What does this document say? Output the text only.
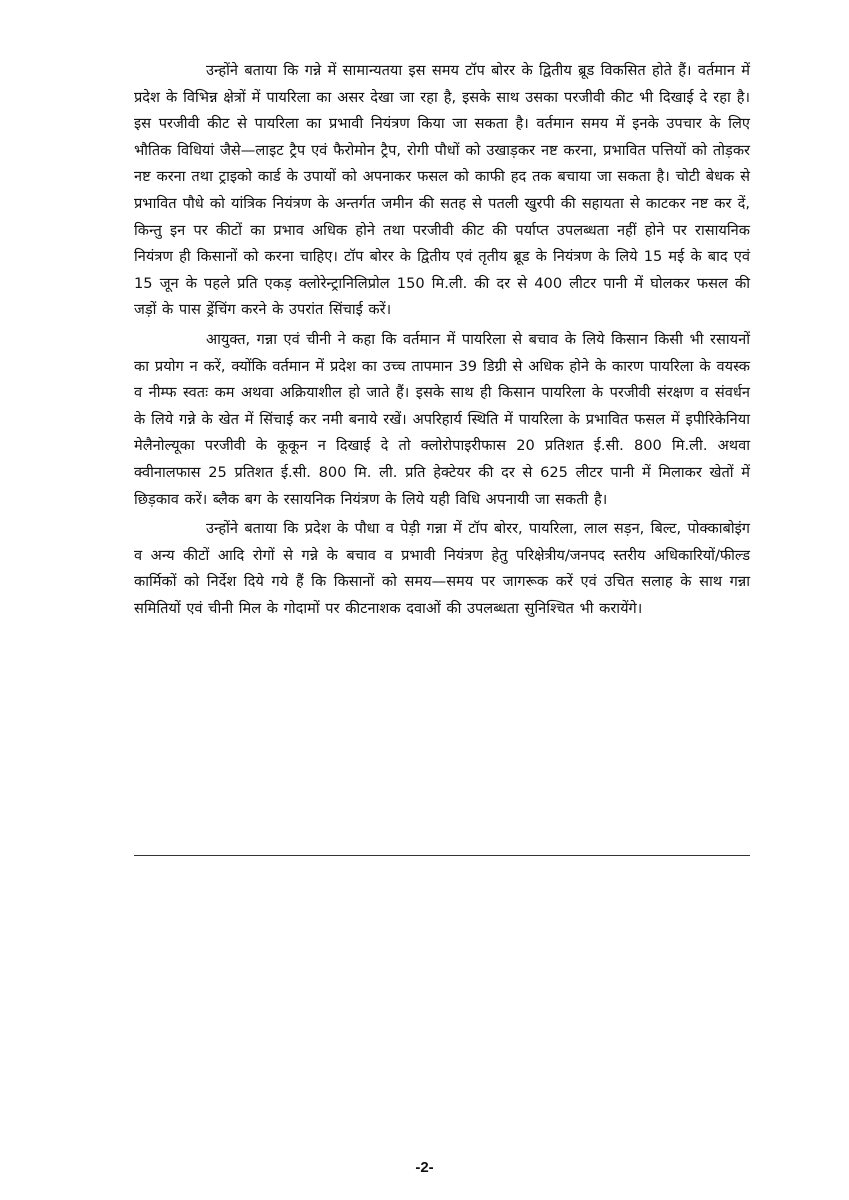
उन्होंने बताया कि गन्ने में सामान्यतया इस समय टॉप बोरर के द्वितीय ब्रूड विकसित होते हैं। वर्तमान में प्रदेश के विभिन्न क्षेत्रों में पायरिला का असर देखा जा रहा है, इसके साथ उसका परजीवी कीट भी दिखाई दे रहा है। इस परजीवी कीट से पायरिला का प्रभावी नियंत्रण किया जा सकता है। वर्तमान समय में इनके उपचार के लिए भौतिक विधियां जैसे—लाइट ट्रैप एवं फैरोमोन ट्रैप, रोगी पौधों को उखाड़कर नष्ट करना, प्रभावित पत्तियों को तोड़कर नष्ट करना तथा ट्राइको कार्ड के उपायों को अपनाकर फसल को काफी हद तक बचाया जा सकता है। चोटी बेधक से प्रभावित पौधे को यांत्रिक नियंत्रण के अन्तर्गत जमीन की सतह से पतली खुरपी की सहायता से काटकर नष्ट कर दें, किन्तु इन पर कीटों का प्रभाव अधिक होने तथा परजीवी कीट की पर्याप्त उपलब्धता नहीं होने पर रासायनिक नियंत्रण ही किसानों को करना चाहिए। टॉप बोरर के द्वितीय एवं तृतीय ब्रूड के नियंत्रण के लिये 15 मई के बाद एवं 15 जून के पहले प्रति एकड़ क्लोरेन्ट्रानिलिप्रोल 150 मि.ली. की दर से 400 लीटर पानी में घोलकर फसल की जड़ों के पास ड्रेंचिंग करने के उपरांत सिंचाई करें।

आयुक्त, गन्ना एवं चीनी ने कहा कि वर्तमान में पायरिला से बचाव के लिये किसान किसी भी रसायनों का प्रयोग न करें, क्योंकि वर्तमान में प्रदेश का उच्च तापमान 39 डिग्री से अधिक होने के कारण पायरिला के वयस्क व नीम्फ स्वतः कम अथवा अक्रियाशील हो जाते हैं। इसके साथ ही किसान पायरिला के परजीवी संरक्षण व संवर्धन के लिये गन्ने के खेत में सिंचाई कर नमी बनाये रखें। अपरिहार्य स्थिति में पायरिला के प्रभावित फसल में इपीरिकेनिया मेलैनोल्यूका परजीवी के कूकून न दिखाई दे तो क्लोरोपाइरीफास 20 प्रतिशत ई.सी. 800 मि.ली. अथवा क्वीनालफास 25 प्रतिशत ई.सी. 800 मि. ली. प्रति हेक्टेयर की दर से 625 लीटर पानी में मिलाकर खेतों में छिड़काव करें। ब्लैक बग के रसायनिक नियंत्रण के लिये यही विधि अपनायी जा सकती है।

उन्होंने बताया कि प्रदेश के पौधा व पेड़ी गन्ना में टॉप बोरर, पायरिला, लाल सड़न, बिल्ट, पोक्काबोइंग व अन्य कीटों आदि रोगों से गन्ने के बचाव व प्रभावी नियंत्रण हेतु परिक्षेत्रीय/जनपद स्तरीय अधिकारियों/फील्ड कार्मिकों को निर्देश दिये गये हैं कि किसानों को समय—समय पर जागरूक करें एवं उचित सलाह के साथ गन्ना समितियों एवं चीनी मिल के गोदामों पर कीटनाशक दवाओं की उपलब्धता सुनिश्चित भी करायेंगे।

-2-
